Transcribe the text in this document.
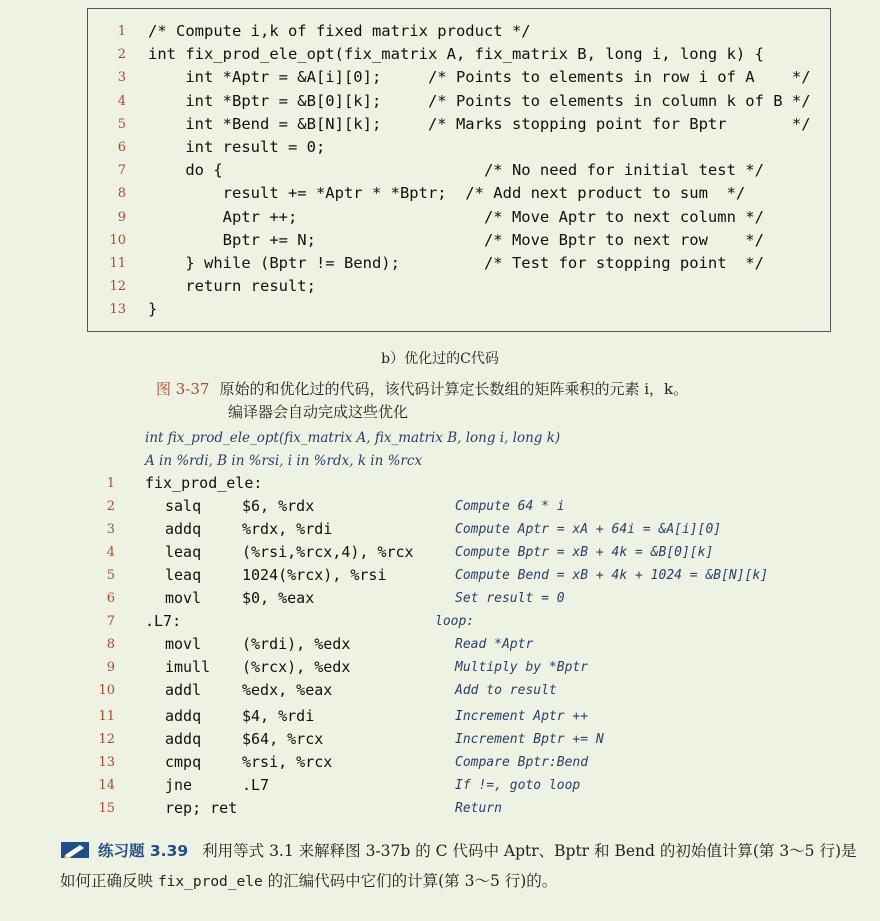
1 /* Compute i,k of fixed matrix product */
2 int fix_prod_ele_opt(fix_matrix A, fix_matrix B, long i, long k) {
3 int *Aptr = &A[i][0];     /* Points to elements in row i of A    */
4 int *Bptr = &B[0][k];     /* Points to elements in column k of B */
5 int *Bend = &B[N][k];     /* Marks stopping point for Bptr       */
6 int result = 0;
7 do {                            /* No need for initial test */
8 result += *Aptr * *Bptr;  /* Add next product to sum  */
9 Aptr ++;                    /* Move Aptr to next column */
10 Bptr += N;                  /* Move Bptr to next row    */
11 } while (Bptr != Bend);         /* Test for stopping point  */
12 return result;
13 }
b）优化过的C代码
图 3-37 原始的和优化过的代码，该代码计算定长数组的矩阵乘积的元素 i，k。
编译器会自动完成这些优化
int fix_prod_ele_opt(fix_matrix A, fix_matrix B, long i, long k)
A in %rdi, B in %rsi, i in %rdx, k in %rcx
1 fix_prod_ele:
2	salq	$6, %rdx	Compute 64 * i
3	addq	%rdx, %rdi	Compute Aptr = xA + 64i = &A[i][0]
4	leaq	(%rsi,%rcx,4), %rcx	Compute Bptr = xB + 4k = &B[0][k]
5	leaq	1024(%rcx), %rsi	Compute Bend = xB + 4k + 1024 = &B[N][k]
6	movl	$0, %eax	Set result = 0
7 .L7:	loop:
8	movl	(%rdi), %edx	Read *Aptr
9	imull (%rcx), %edx	Multiply by *Bptr
10	addl	%edx, %eax	Add to result
11	addq	$4, %rdi	Increment Aptr ++
12	addq	$64, %rcx	Increment Bptr += N
13	cmpq	%rsi, %rcx	Compare Bptr:Bend
14	jne	.L7	If !=, goto loop
15	rep; ret	Return
练习题 3.39 利用等式 3.1 来解释图 3-37b 的 C 代码中 Aptr、Bptr 和 Bend 的初始值计算(第 3～5 行)是如何正确反映 fix_prod_ele 的汇编代码中它们的计算(第 3～5 行)的。
